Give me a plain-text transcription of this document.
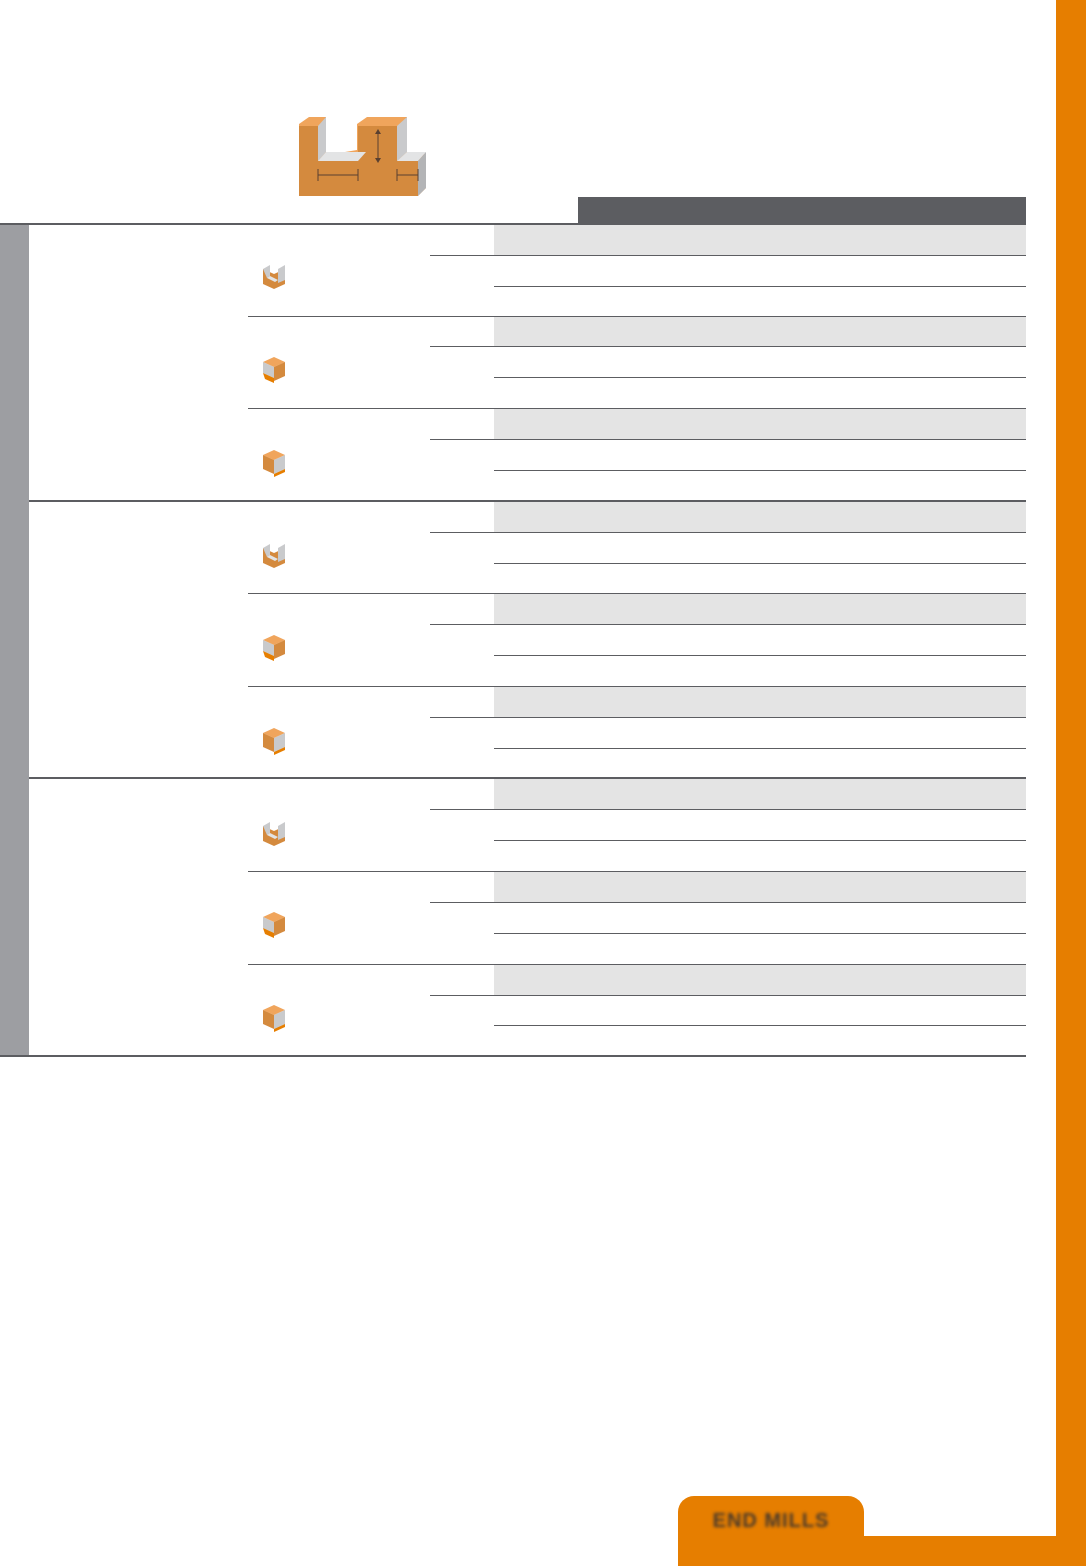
END MILLS
